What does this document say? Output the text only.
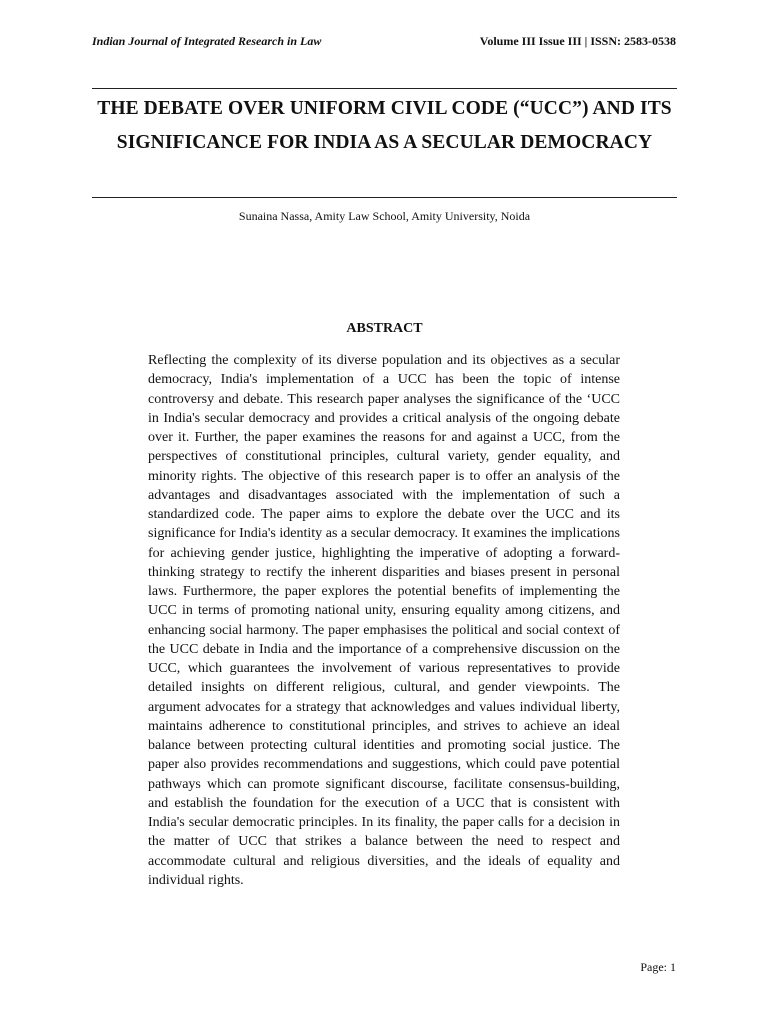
Indian Journal of Integrated Research in Law	Volume III Issue III | ISSN: 2583-0538
THE DEBATE OVER UNIFORM CIVIL CODE (“UCC”) AND ITS SIGNIFICANCE FOR INDIA AS A SECULAR DEMOCRACY
Sunaina Nassa, Amity Law School, Amity University, Noida
ABSTRACT

Reflecting the complexity of its diverse population and its objectives as a secular democracy, India's implementation of a UCC has been the topic of intense controversy and debate. This research paper analyses the significance of the ‘UCC in India's secular democracy and provides a critical analysis of the ongoing debate over it. Further, the paper examines the reasons for and against a UCC, from the perspectives of constitutional principles, cultural variety, gender equality, and minority rights. The objective of this research paper is to offer an analysis of the advantages and disadvantages associated with the implementation of such a standardized code. The paper aims to explore the debate over the UCC and its significance for India's identity as a secular democracy. It examines the implications for achieving gender justice, highlighting the imperative of adopting a forward-thinking strategy to rectify the inherent disparities and biases present in personal laws. Furthermore, the paper explores the potential benefits of implementing the UCC in terms of promoting national unity, ensuring equality among citizens, and enhancing social harmony. The paper emphasises the political and social context of the UCC debate in India and the importance of a comprehensive discussion on the UCC, which guarantees the involvement of various representatives to provide detailed insights on different religious, cultural, and gender viewpoints. The argument advocates for a strategy that acknowledges and values individual liberty, maintains adherence to constitutional principles, and strives to achieve an ideal balance between protecting cultural identities and promoting social justice. The paper also provides recommendations and suggestions, which could pave potential pathways which can promote significant discourse, facilitate consensus-building, and establish the foundation for the execution of a UCC that is consistent with India's secular democratic principles. In its finality, the paper calls for a decision in the matter of UCC that strikes a balance between the need to respect and accommodate cultural and religious diversities, and the ideals of equality and individual rights.

Page: 1
